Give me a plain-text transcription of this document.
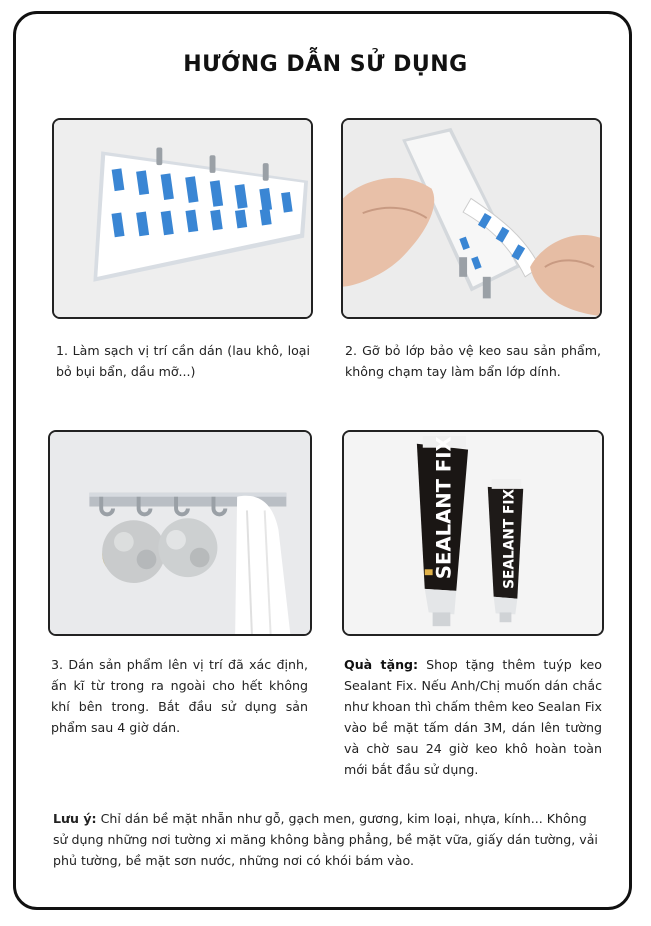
HƯỚNG DẪN SỬ DỤNG
1. Làm sạch vị trí cần dán (lau khô, loại bỏ bụi bẩn, dầu mỡ...)
2. Gỡ bỏ lớp bảo vệ keo sau sản phẩm, không chạm tay làm bẩn lớp dính.
SEALANT FIX	SEALANT FIX
3. Dán sản phẩm lên vị trí đã xác định, ấn kĩ từ trong ra ngoài cho hết không khí bên trong. Bắt đầu sử dụng sản phẩm sau 4 giờ dán.
Quà tặng: Shop tặng thêm tuýp keo Sealant Fix. Nếu Anh/Chị muốn dán chắc như khoan thì chấm thêm keo Sealan Fix vào bề mặt tấm dán 3M, dán lên tường và chờ sau 24 giờ keo khô hoàn toàn mới bắt đầu sử dụng.
Lưu ý: Chỉ dán bề mặt nhẵn như gỗ, gạch men, gương, kim loại, nhựa, kính... Không sử dụng những nơi tường xi măng không bằng phẳng, bề mặt vữa, giấy dán tường, vải phủ tường, bề mặt sơn nước, những nơi có khói bám vào.
